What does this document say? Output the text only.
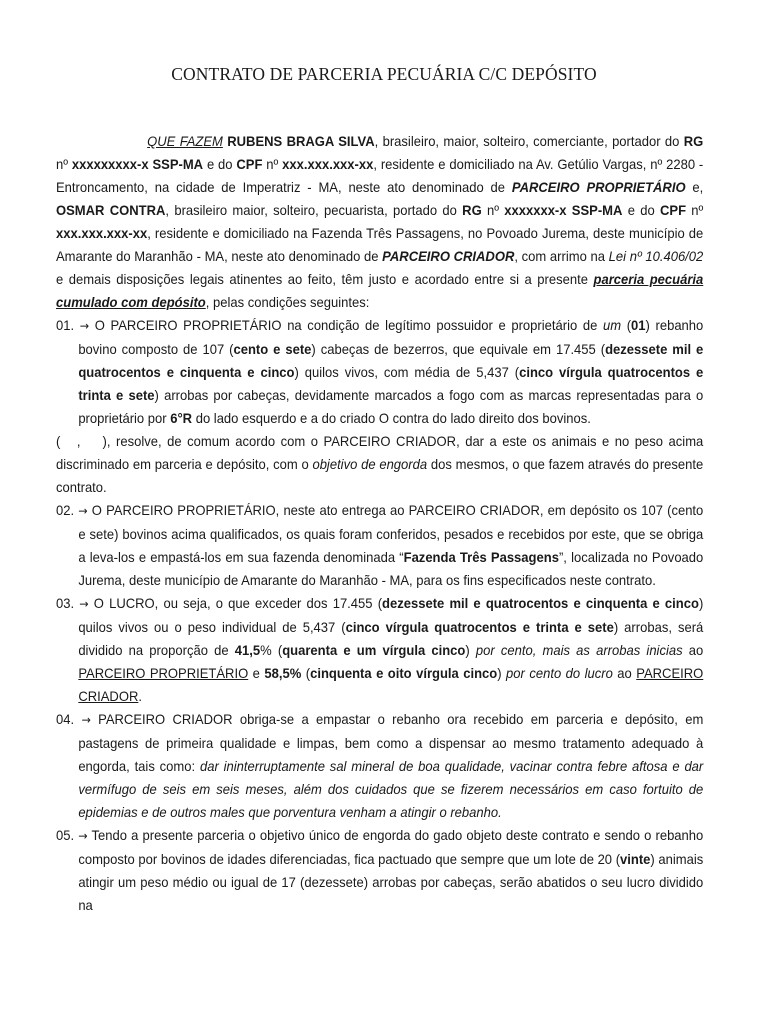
CONTRATO DE PARCERIA PECUÁRIA C/C DEPÓSITO

QUE FAZEM RUBENS BRAGA SILVA, brasileiro, maior, solteiro, comerciante, portador do RG nº xxxxxxxxx-x SSP-MA e do CPF nº xxx.xxx.xxx-xx, residente e domiciliado na Av. Getúlio Vargas, nº 2280 - Entroncamento, na cidade de Imperatriz - MA, neste ato denominado de PARCEIRO PROPRIETÁRIO e, OSMAR CONTRA, brasileiro maior, solteiro, pecuarista, portado do RG nº xxxxxxx-x SSP-MA e do CPF nº xxx.xxx.xxx-xx, residente e domiciliado na Fazenda Três Passagens, no Povoado Jurema, deste município de Amarante do Maranhão - MA, neste ato denominado de PARCEIRO CRIADOR, com arrimo na Lei nº 10.406/02 e demais disposições legais atinentes ao feito, têm justo e acordado entre si a presente parceria pecuária cumulado com depósito, pelas condições seguintes:

01. → O PARCEIRO PROPRIETÁRIO na condição de legítimo possuidor e proprietário de um (01) rebanho bovino composto de 107 (cento e sete) cabeças de bezerros, que equivale em 17.455 (dezessete mil e quatrocentos e cinquenta e cinco) quilos vivos, com média de 5,437 (cinco vírgula quatrocentos e trinta e sete) arrobas por cabeças, devidamente marcados a fogo com as marcas representadas para o proprietário por 6°R do lado esquerdo e a do criado O contra do lado direito dos bovinos.

(   ,    ), resolve, de comum acordo com o PARCEIRO CRIADOR, dar a este os animais e no peso acima discriminado em parceria e depósito, com o objetivo de engorda dos mesmos, o que fazem através do presente contrato.

02. → O PARCEIRO PROPRIETÁRIO, neste ato entrega ao PARCEIRO CRIADOR, em depósito os 107 (cento e sete) bovinos acima qualificados, os quais foram conferidos, pesados e recebidos por este, que se obriga a leva-los e empastá-los em sua fazenda denominada “Fazenda Três Passagens”, localizada no Povoado Jurema, deste município de Amarante do Maranhão - MA, para os fins especificados neste contrato.

03. → O LUCRO, ou seja, o que exceder dos 17.455 (dezessete mil e quatrocentos e cinquenta e cinco) quilos vivos ou o peso individual de 5,437 (cinco vírgula quatrocentos e trinta e sete) arrobas, será dividido na proporção de 41,5% (quarenta e um vírgula cinco) por cento, mais as arrobas inicias ao PARCEIRO PROPRIETÁRIO e 58,5% (cinquenta e oito vírgula cinco) por cento do lucro ao PARCEIRO CRIADOR.

04. → PARCEIRO CRIADOR obriga-se a empastar o rebanho ora recebido em parceria e depósito, em pastagens de primeira qualidade e limpas, bem como a dispensar ao mesmo tratamento adequado à engorda, tais como: dar ininterruptamente sal mineral de boa qualidade, vacinar contra febre aftosa e dar vermífugo de seis em seis meses, além dos cuidados que se fizerem necessários em caso fortuito de epidemias e de outros males que porventura venham a atingir o rebanho.

05. → Tendo a presente parceria o objetivo único de engorda do gado objeto deste contrato e sendo o rebanho composto por bovinos de idades diferenciadas, fica pactuado que sempre que um lote de 20 (vinte) animais atingir um peso médio ou igual de 17 (dezessete) arrobas por cabeças, serão abatidos o seu lucro dividido na
